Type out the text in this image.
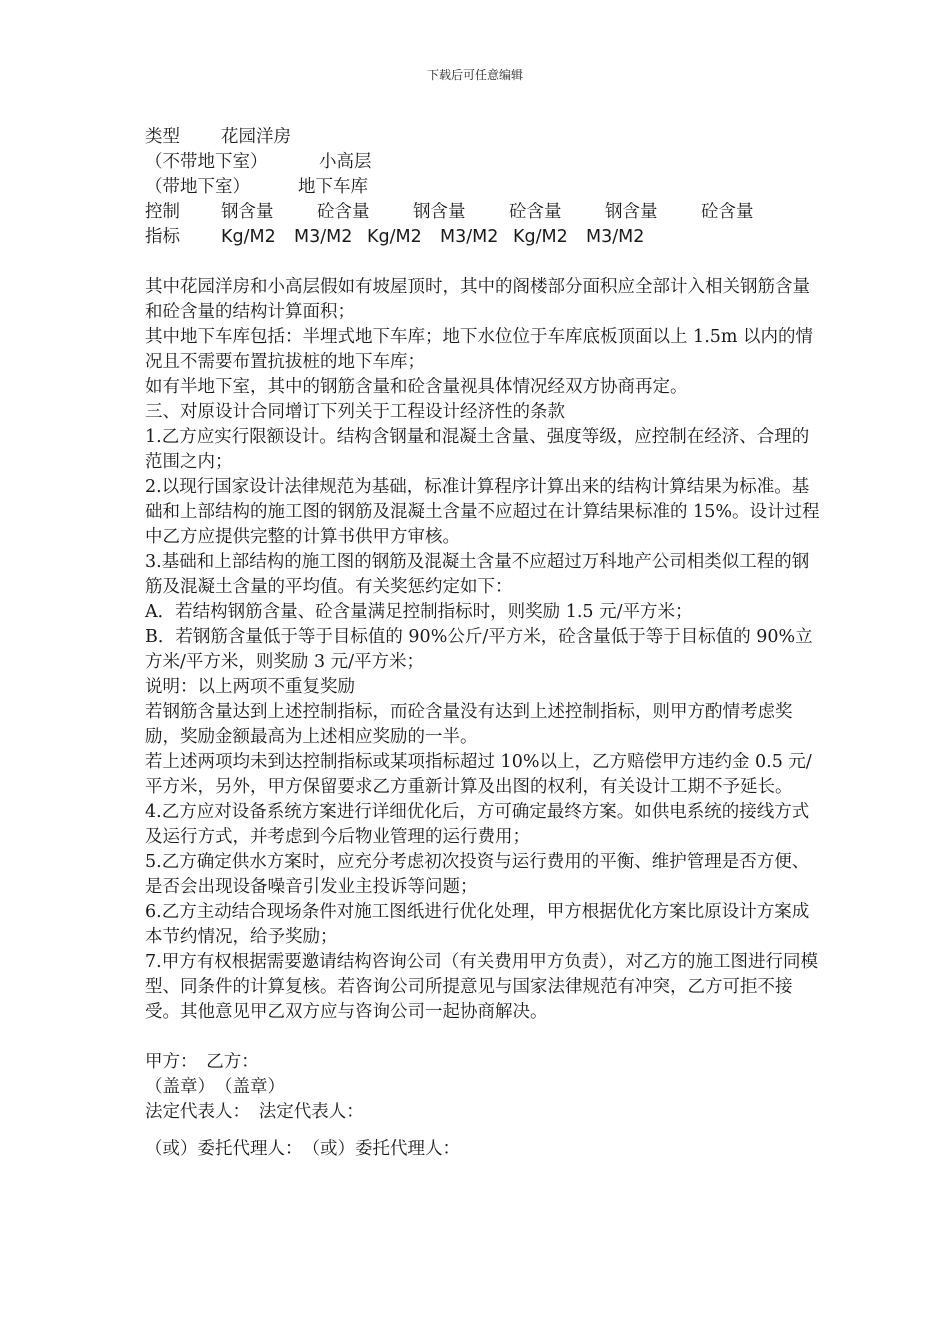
下载后可任意编辑
类型 花园洋房
（不带地下室）	小高层
（带地下室）	地下车库
控制 钢含量 砼含量 钢含量 砼含量 钢含量 砼含量
指标 Kg/M2 M3/M2 Kg/M2 M3/M2 Kg/M2 M3/M2

其中花园洋房和小高层假如有坡屋顶时，其中的阁楼部分面积应全部计入相关钢筋含量和砼含量的结构计算面积；

其中地下车库包括：半埋式地下车库；地下水位位于车库底板顶面以上 1.5m 以内的情况且不需要布置抗拔桩的地下车库；

如有半地下室，其中的钢筋含量和砼含量视具体情况经双方协商再定。

三、对原设计合同增订下列关于工程设计经济性的条款

1.乙方应实行限额设计。结构含钢量和混凝土含量、强度等级，应控制在经济、合理的范围之内；

2.以现行国家设计法律规范为基础，标准计算程序计算出来的结构计算结果为标准。基础和上部结构的施工图的钢筋及混凝土含量不应超过在计算结果标准的 15%。设计过程中乙方应提供完整的计算书供甲方审核。

3.基础和上部结构的施工图的钢筋及混凝土含量不应超过万科地产公司相类似工程的钢筋及混凝土含量的平均值。有关奖惩约定如下：

A．若结构钢筋含量、砼含量满足控制指标时，则奖励 1.5 元/平方米；

B．若钢筋含量低于等于目标值的 90%公斤/平方米，砼含量低于等于目标值的 90%立方米/平方米，则奖励 3 元/平方米；

说明：以上两项不重复奖励

若钢筋含量达到上述控制指标，而砼含量没有达到上述控制指标，则甲方酌情考虑奖励，奖励金额最高为上述相应奖励的一半。

若上述两项均未到达控制指标或某项指标超过 10%以上，乙方赔偿甲方违约金 0.5 元/平方米，另外，甲方保留要求乙方重新计算及出图的权利，有关设计工期不予延长。

4.乙方应对设备系统方案进行详细优化后，方可确定最终方案。如供电系统的接线方式及运行方式，并考虑到今后物业管理的运行费用；

5.乙方确定供水方案时，应充分考虑初次投资与运行费用的平衡、维护管理是否方便、是否会出现设备噪音引发业主投诉等问题；

6.乙方主动结合现场条件对施工图纸进行优化处理，甲方根据优化方案比原设计方案成本节约情况，给予奖励；

7.甲方有权根据需要邀请结构咨询公司（有关费用甲方负责），对乙方的施工图进行同模型、同条件的计算复核。若咨询公司所提意见与国家法律规范有冲突，乙方可拒不接受。其他意见甲乙双方应与咨询公司一起协商解决。

甲方：　乙方：
（盖章）　（盖章）
法定代表人：　法定代表人：
（或）委托代理人：　（或）委托代理人：
